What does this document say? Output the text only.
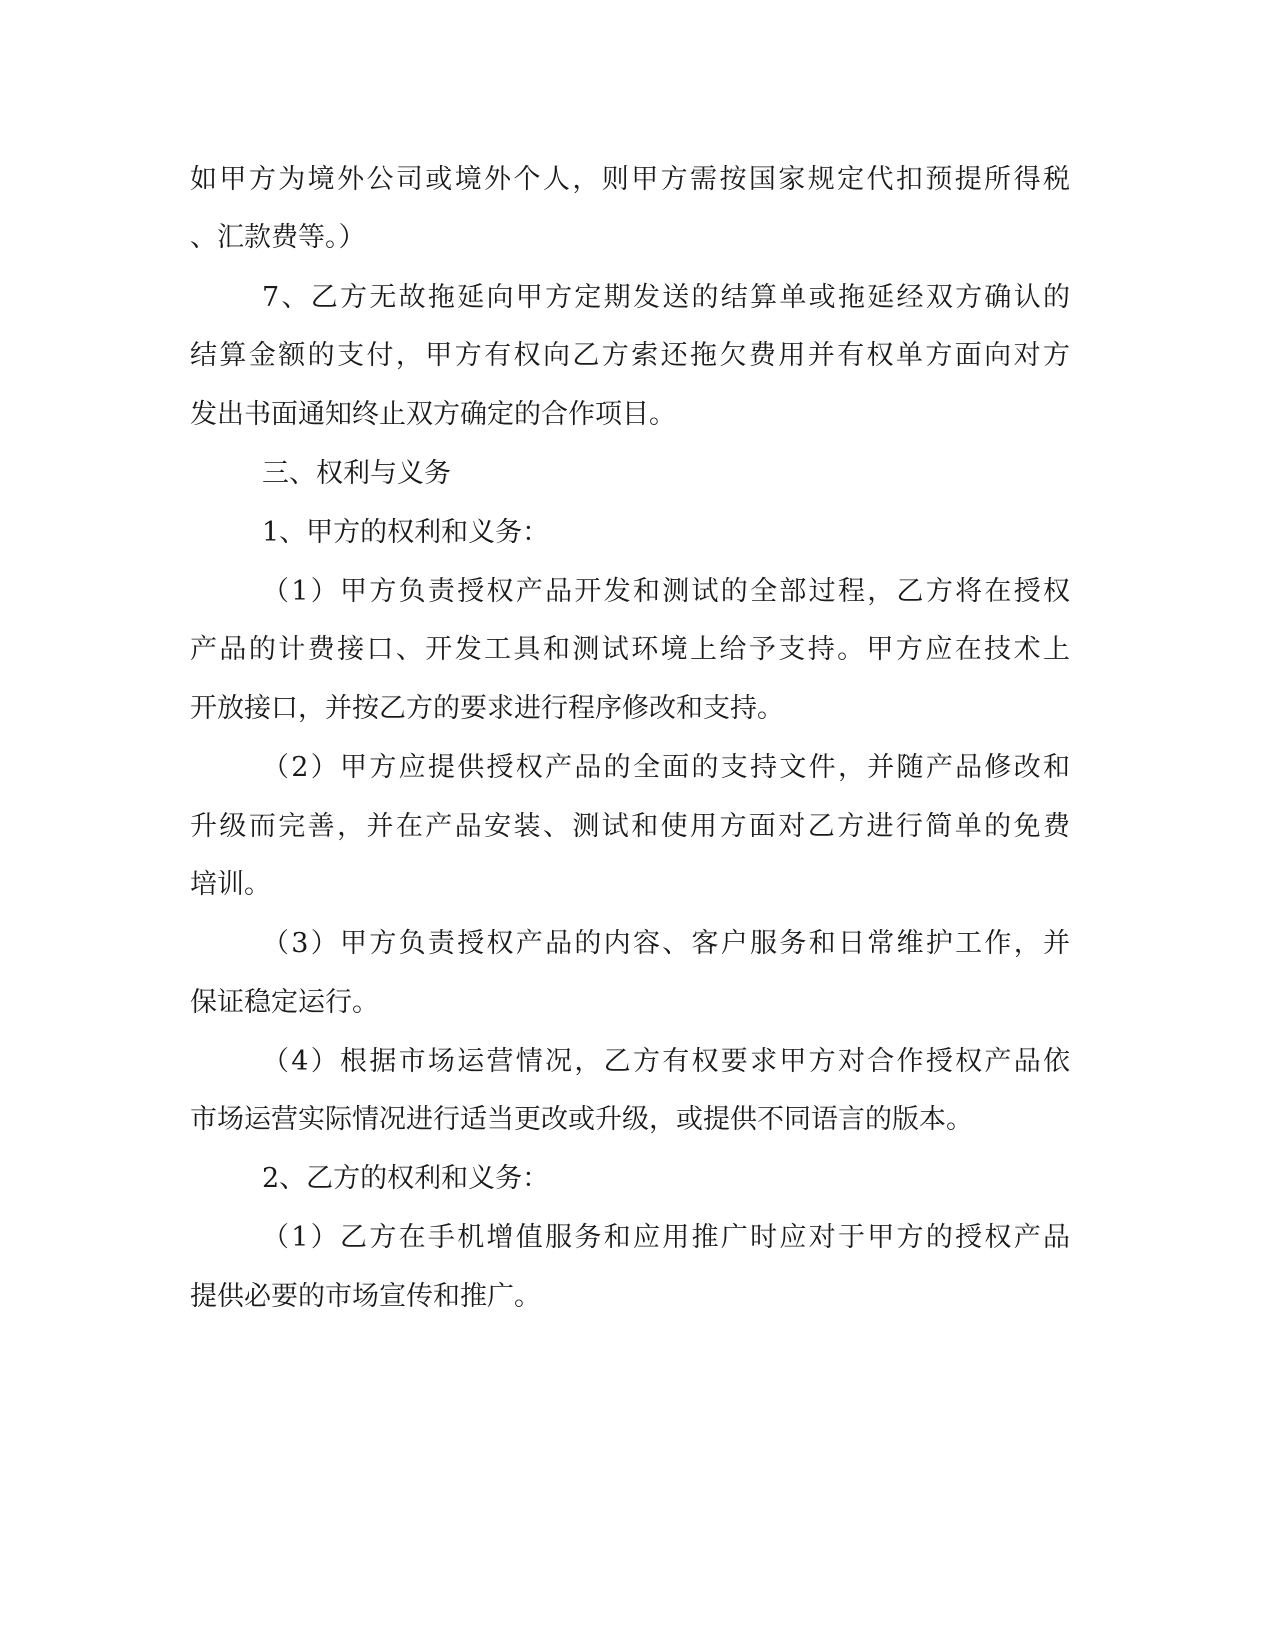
如甲方为境外公司或境外个人，则甲方需按国家规定代扣预提所得税
、汇款费等。）
7、乙方无故拖延向甲方定期发送的结算单或拖延经双方确认的
结算金额的支付，甲方有权向乙方索还拖欠费用并有权单方面向对方
发出书面通知终止双方确定的合作项目。
三、权利与义务
1、甲方的权利和义务：
（1）甲方负责授权产品开发和测试的全部过程，乙方将在授权
产品的计费接口、开发工具和测试环境上给予支持。甲方应在技术上
开放接口，并按乙方的要求进行程序修改和支持。
（2）甲方应提供授权产品的全面的支持文件，并随产品修改和
升级而完善，并在产品安装、测试和使用方面对乙方进行简单的免费
培训。
（3）甲方负责授权产品的内容、客户服务和日常维护工作，并
保证稳定运行。
（4）根据市场运营情况，乙方有权要求甲方对合作授权产品依
市场运营实际情况进行适当更改或升级，或提供不同语言的版本。
2、乙方的权利和义务：
（1）乙方在手机增值服务和应用推广时应对于甲方的授权产品
提供必要的市场宣传和推广。
